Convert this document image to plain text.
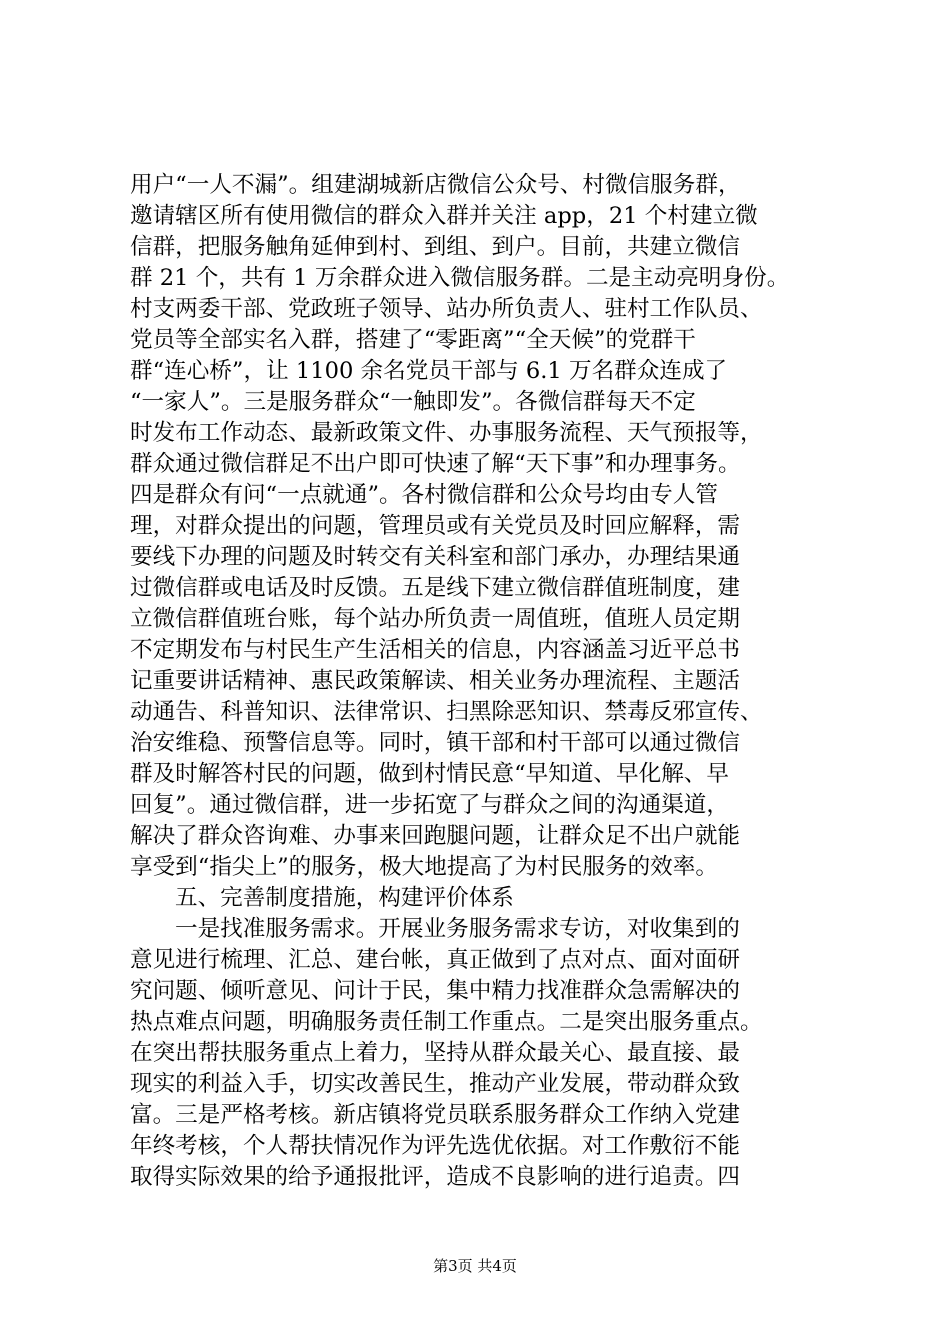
用户“一人不漏”。组建湖城新店微信公众号、村微信服务群，
邀请辖区所有使用微信的群众入群并关注 app，21 个村建立微
信群，把服务触角延伸到村、到组、到户。目前，共建立微信
群 21 个，共有 1 万余群众进入微信服务群。二是主动亮明身份。
村支两委干部、党政班子领导、站办所负责人、驻村工作队员、
党员等全部实名入群，搭建了“零距离”“全天候”的党群干
群“连心桥”，让 1100 余名党员干部与 6.1 万名群众连成了
“一家人”。三是服务群众“一触即发”。各微信群每天不定
时发布工作动态、最新政策文件、办事服务流程、天气预报等，
群众通过微信群足不出户即可快速了解“天下事”和办理事务。
四是群众有问“一点就通”。各村微信群和公众号均由专人管
理，对群众提出的问题，管理员或有关党员及时回应解释，需
要线下办理的问题及时转交有关科室和部门承办，办理结果通
过微信群或电话及时反馈。五是线下建立微信群值班制度，建
立微信群值班台账，每个站办所负责一周值班，值班人员定期
不定期发布与村民生产生活相关的信息，内容涵盖习近平总书
记重要讲话精神、惠民政策解读、相关业务办理流程、主题活
动通告、科普知识、法律常识、扫黑除恶知识、禁毒反邪宣传、
治安维稳、预警信息等。同时，镇干部和村干部可以通过微信
群及时解答村民的问题，做到村情民意“早知道、早化解、早
回复”。通过微信群，进一步拓宽了与群众之间的沟通渠道，
解决了群众咨询难、办事来回跑腿问题，让群众足不出户就能
享受到“指尖上”的服务，极大地提高了为村民服务的效率。
五、完善制度措施，构建评价体系
一是找准服务需求。开展业务服务需求专访，对收集到的
意见进行梳理、汇总、建台帐，真正做到了点对点、面对面研
究问题、倾听意见、问计于民，集中精力找准群众急需解决的
热点难点问题，明确服务责任制工作重点。二是突出服务重点。
在突出帮扶服务重点上着力，坚持从群众最关心、最直接、最
现实的利益入手，切实改善民生，推动产业发展，带动群众致
富。三是严格考核。新店镇将党员联系服务群众工作纳入党建
年终考核，个人帮扶情况作为评先选优依据。对工作敷衍不能
取得实际效果的给予通报批评，造成不良影响的进行追责。四
第3页 共4页
